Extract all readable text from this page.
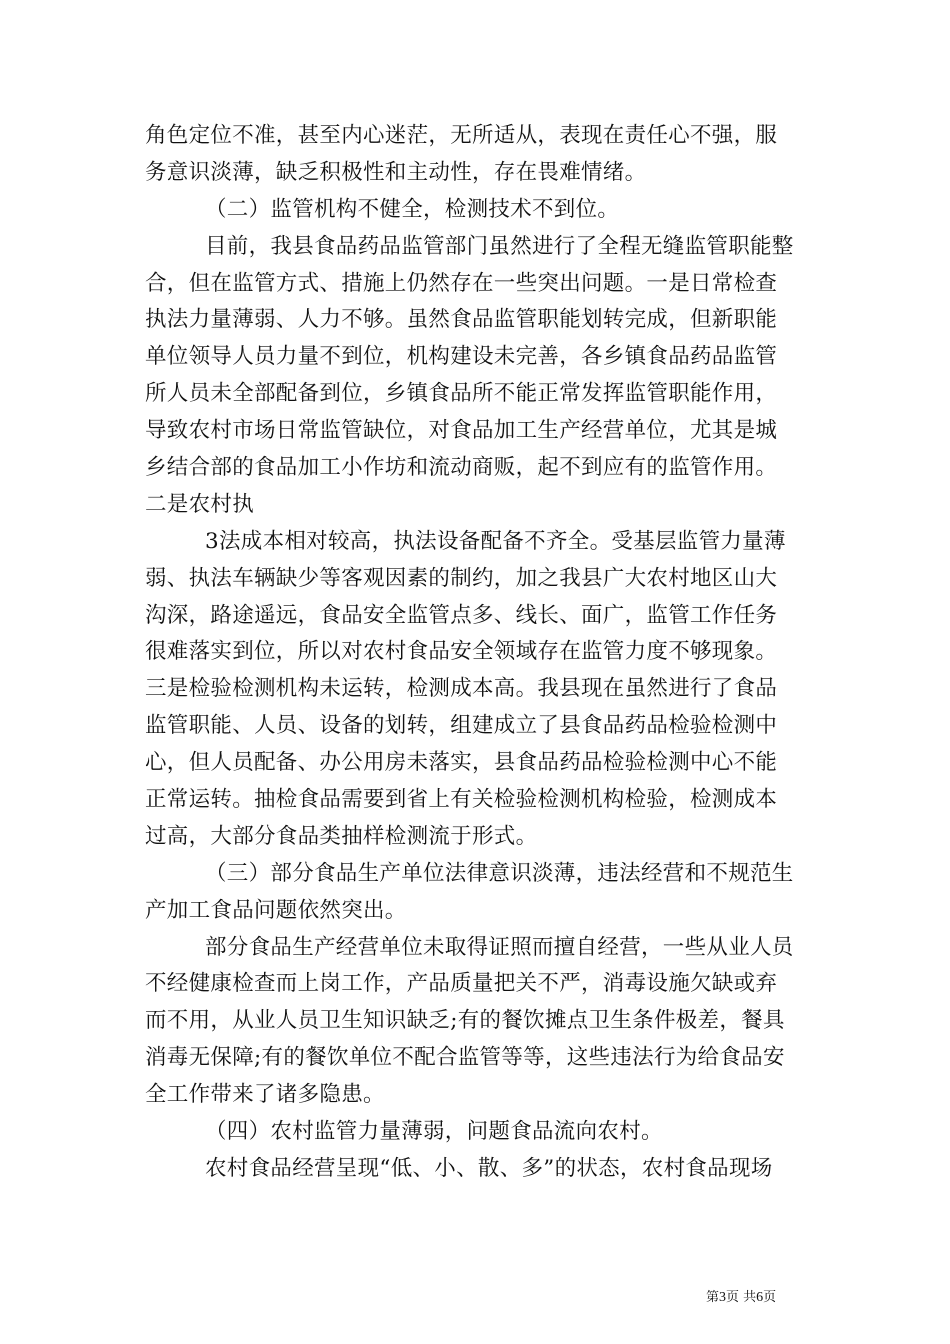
角色定位不准，甚至内心迷茫，无所适从，表现在责任心不强，服
务意识淡薄，缺乏积极性和主动性，存在畏难情绪。
（二）监管机构不健全，检测技术不到位。
目前，我县食品药品监管部门虽然进行了全程无缝监管职能整
合，但在监管方式、措施上仍然存在一些突出问题。一是日常检查
执法力量薄弱、人力不够。虽然食品监管职能划转完成，但新职能
单位领导人员力量不到位，机构建设未完善，各乡镇食品药品监管
所人员未全部配备到位，乡镇食品所不能正常发挥监管职能作用，
导致农村市场日常监管缺位，对食品加工生产经营单位，尤其是城
乡结合部的食品加工小作坊和流动商贩，起不到应有的监管作用。
二是农村执
3法成本相对较高，执法设备配备不齐全。受基层监管力量薄
弱、执法车辆缺少等客观因素的制约，加之我县广大农村地区山大
沟深，路途遥远，食品安全监管点多、线长、面广，监管工作任务
很难落实到位，所以对农村食品安全领域存在监管力度不够现象。
三是检验检测机构未运转，检测成本高。我县现在虽然进行了食品
监管职能、人员、设备的划转，组建成立了县食品药品检验检测中
心，但人员配备、办公用房未落实，县食品药品检验检测中心不能
正常运转。抽检食品需要到省上有关检验检测机构检验，检测成本
过高，大部分食品类抽样检测流于形式。
（三）部分食品生产单位法律意识淡薄，违法经营和不规范生
产加工食品问题依然突出。
部分食品生产经营单位未取得证照而擅自经营，一些从业人员
不经健康检查而上岗工作，产品质量把关不严，消毒设施欠缺或弃
而不用，从业人员卫生知识缺乏;有的餐饮摊点卫生条件极差，餐具
消毒无保障;有的餐饮单位不配合监管等等，这些违法行为给食品安
全工作带来了诸多隐患。
（四）农村监管力量薄弱，问题食品流向农村。
农村食品经营呈现“低、小、散、多”的状态，农村食品现场
第3页 共6页
